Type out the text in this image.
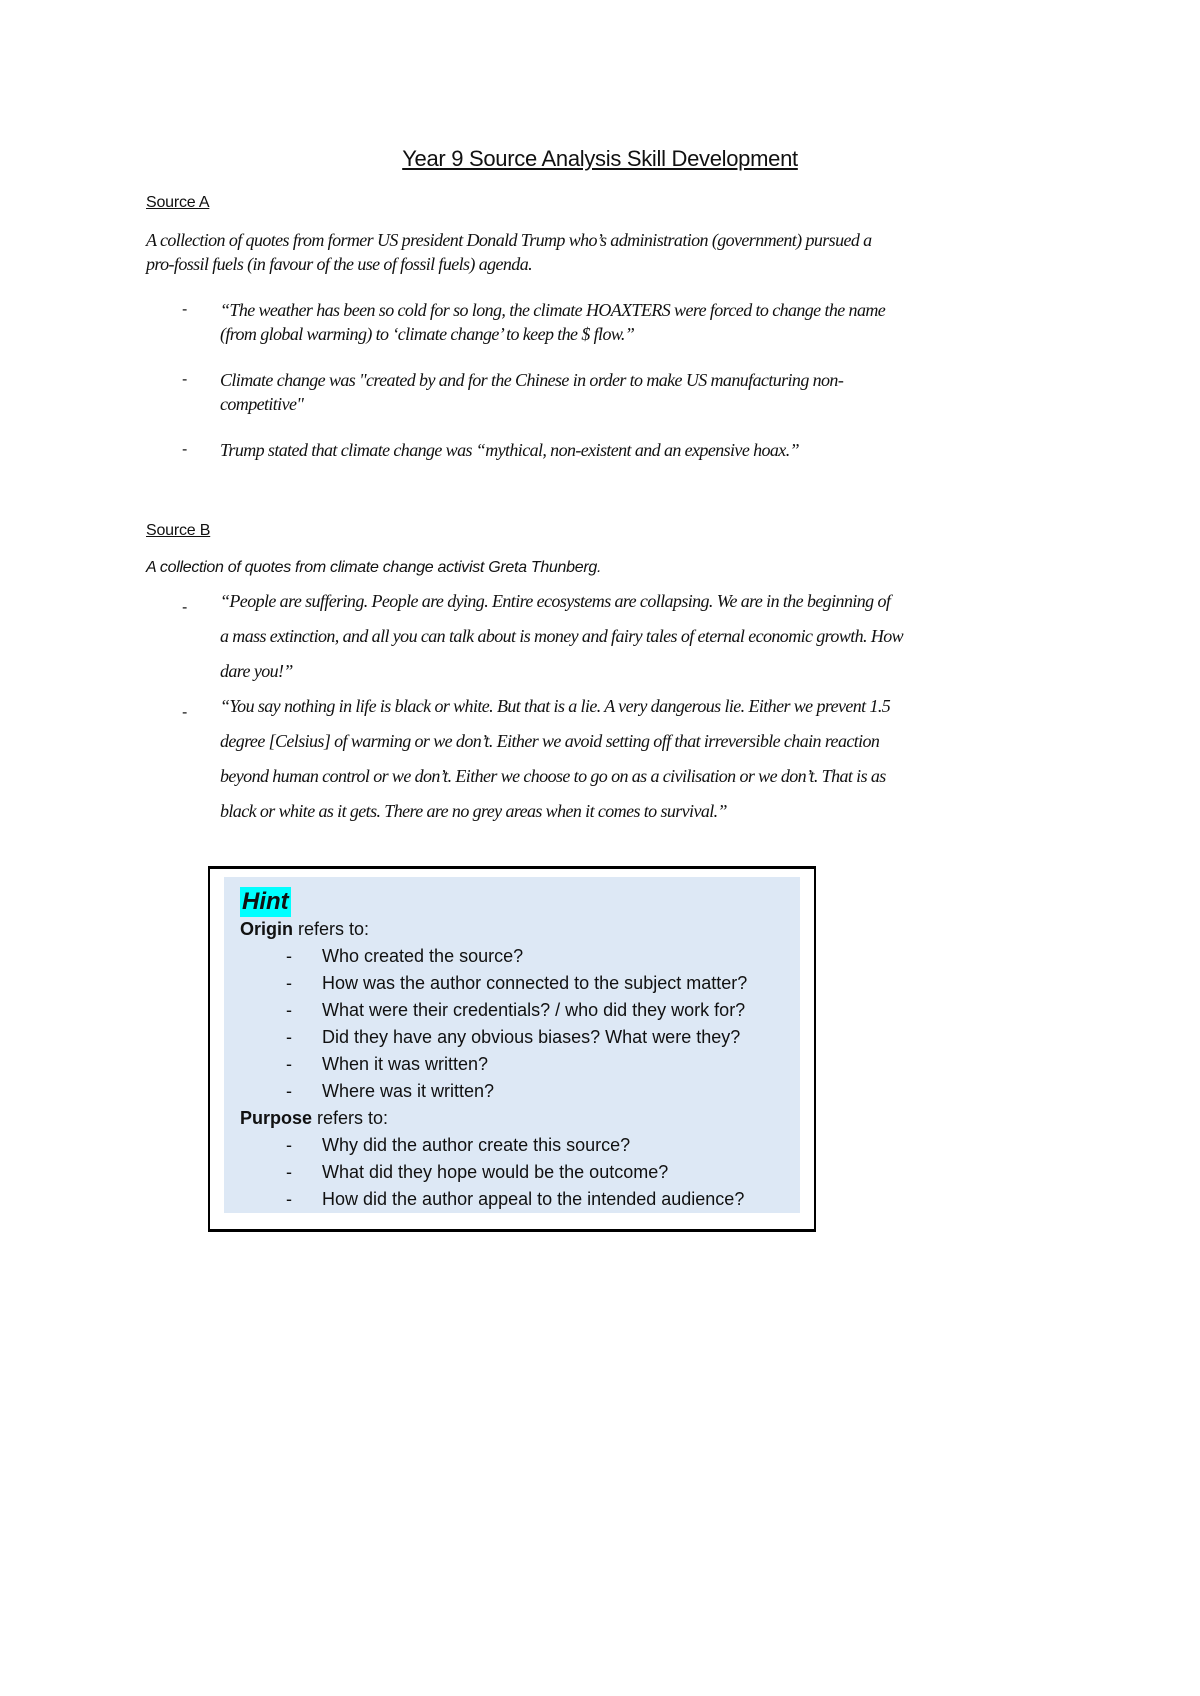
Year 9 Source Analysis Skill Development
Source A
A collection of quotes from former US president Donald Trump who’s administration (government) pursued a
pro-fossil fuels (in favour of the use of fossil fuels) agenda.
- “The weather has been so cold for so long, the climate HOAXTERS were forced to change the name
(from global warming) to ‘climate change’ to keep the $ flow.”
- Climate change was "created by and for the Chinese in order to make US manufacturing non-
competitive"
- Trump stated that climate change was “mythical, non-existent and an expensive hoax.”
Source B
A collection of quotes from climate change activist Greta Thunberg.
- “People are suffering. People are dying. Entire ecosystems are collapsing. We are in the beginning of
a mass extinction, and all you can talk about is money and fairy tales of eternal economic growth. How
dare you!”
- “You say nothing in life is black or white. But that is a lie. A very dangerous lie. Either we prevent 1.5
degree [Celsius] of warming or we don’t. Either we avoid setting off that irreversible chain reaction
beyond human control or we don’t. Either we choose to go on as a civilisation or we don’t. That is as
black or white as it gets. There are no grey areas when it comes to survival.”
Hint
Origin refers to:
- Who created the source?
- How was the author connected to the subject matter?
- What were their credentials? / who did they work for?
- Did they have any obvious biases? What were they?
- When it was written?
- Where was it written?
Purpose refers to:
- Why did the author create this source?
- What did they hope would be the outcome?
- How did the author appeal to the intended audience?
